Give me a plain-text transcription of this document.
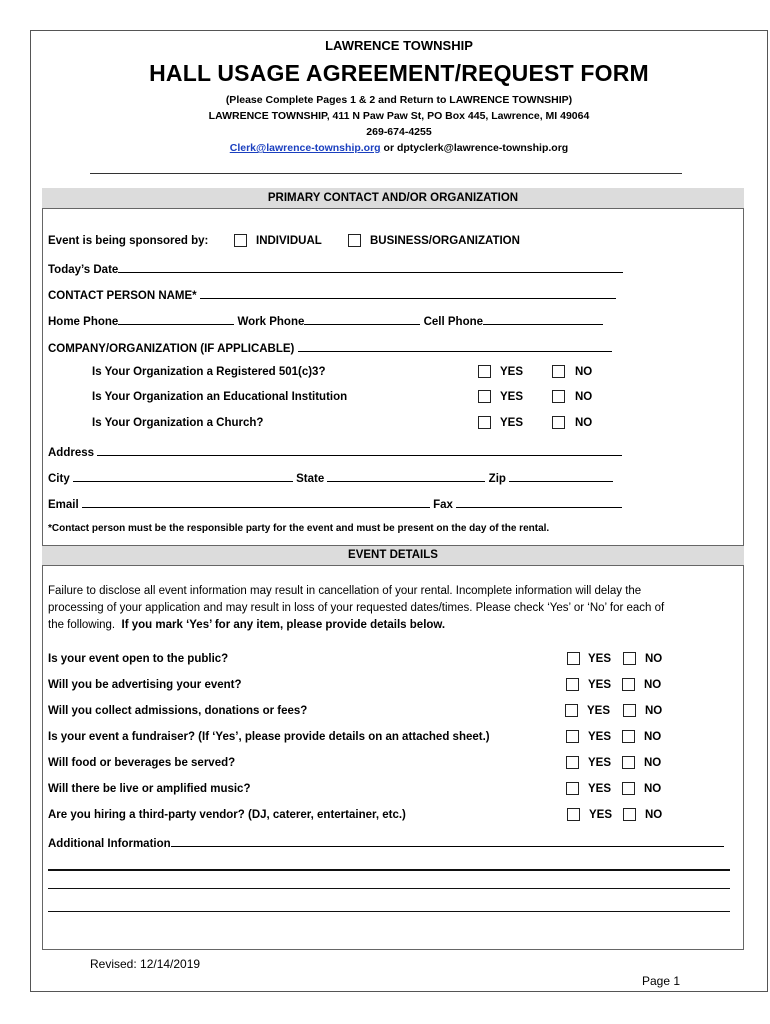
LAWRENCE TOWNSHIP
HALL USAGE AGREEMENT/REQUEST FORM
(Please Complete Pages 1 & 2 and Return to LAWRENCE TOWNSHIP)
LAWRENCE TOWNSHIP, 411 N Paw Paw St, PO Box 445, Lawrence, MI 49064
269-674-4255
Clerk@lawrence-township.org or dptyclerk@lawrence-township.org
PRIMARY CONTACT AND/OR ORGANIZATION
Event is being sponsored by:	INDIVIDUAL	BUSINESS/ORGANIZATION
Today’s Date
CONTACT PERSON NAME*
Home Phone	Work Phone	Cell Phone
COMPANY/ORGANIZATION (IF APPLICABLE)
Is Your Organization a Registered 501(c)3?	YES	NO
Is Your Organization an Educational Institution	YES	NO
Is Your Organization a Church?	YES	NO
Address
City	State	Zip
Email	Fax
*Contact person must be the responsible party for the event and must be present on the day of the rental.
EVENT DETAILS
Failure to disclose all event information may result in cancellation of your rental. Incomplete information will delay the
processing of your application and may result in loss of your requested dates/times. Please check ‘Yes’ or ‘No’ for each of
the following. If you mark ‘Yes’ for any item, please provide details below.
Is your event open to the public?	YES	NO
Will you be advertising your event?	YES	NO
Will you collect admissions, donations or fees?	YES	NO
Is your event a fundraiser? (If ‘Yes’, please provide details on an attached sheet.)	YES	NO
Will food or beverages be served?	YES	NO
Will there be live or amplified music?	YES	NO
Are you hiring a third-party vendor? (DJ, caterer, entertainer, etc.)	YES	NO
Additional Information
Revised: 12/14/2019
Page 1
